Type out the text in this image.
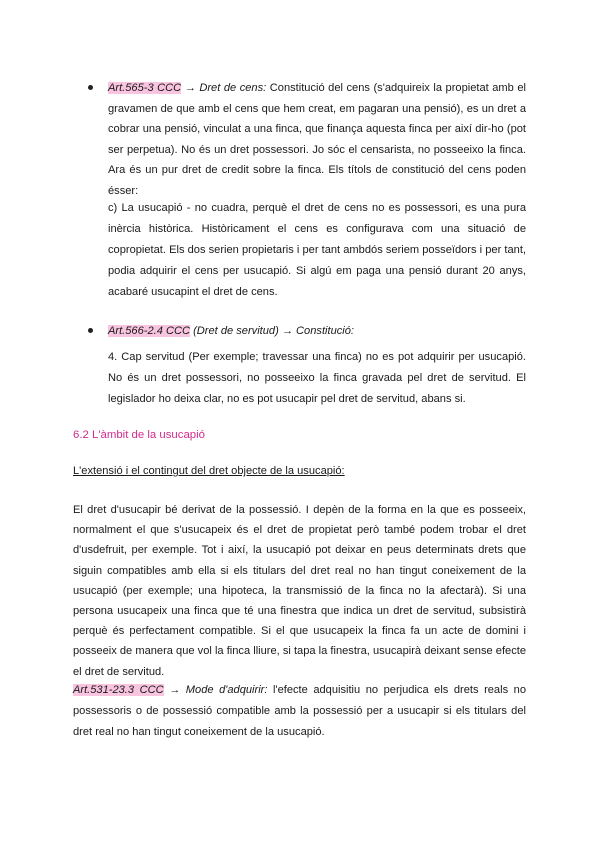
Art.565-3 CCC → Dret de cens: Constitució del cens (s'adquireix la propietat amb el gravamen de que amb el cens que hem creat, em pagaran una pensió), es un dret a cobrar una pensió, vinculat a una finca, que finança aquesta finca per així dir-ho (pot ser perpetua). No és un dret possessori. Jo sóc el censarista, no posseeixo la finca. Ara és un pur dret de credit sobre la finca. Els títols de constitució del cens poden ésser:
c) La usucapió - no cuadra, perquè el dret de cens no es possessori, es una pura inèrcia històrica. Històricament el cens es configurava com una situació de copropietat. Els dos serien propietaris i per tant ambdós seriem posseïdors i per tant, podia adquirir el cens per usucapió. Si algú em paga una pensió durant 20 anys, acabaré usucapint el dret de cens.
Art.566-2.4 CCC (Dret de servitud) → Constitució:
4. Cap servitud (Per exemple; travessar una finca) no es pot adquirir per usucapió. No és un dret possessori, no posseeixo la finca gravada pel dret de servitud. El legislador ho deixa clar, no es pot usucapir pel dret de servitud, abans si.
6.2 L'àmbit de la usucapió
L'extensió i el contingut del dret objecte de la usucapió:
El dret d'usucapir bé derivat de la possessió. I depèn de la forma en la que es posseeix, normalment el que s'usucapeix és el dret de propietat però també podem trobar el dret d'usdefruit, per exemple. Tot i així, la usucapió pot deixar en peus determinats drets que siguin compatibles amb ella si els titulars del dret real no han tingut coneixement de la usucapió (per exemple; una hipoteca, la transmissió de la finca no la afectarà). Si una persona usucapeix una finca que té una finestra que indica un dret de servitud, subsistirà perquè és perfectament compatible. Si el que usucapeix la finca fa un acte de domini i posseeix de manera que vol la finca lliure, si tapa la finestra, usucapirà deixant sense efecte el dret de servitud.
Art.531-23.3 CCC → Mode d'adquirir: l'efecte adquisitiu no perjudica els drets reals no possessoris o de possessió compatible amb la possessió per a usucapir si els titulars del dret real no han tingut coneixement de la usucapió.
